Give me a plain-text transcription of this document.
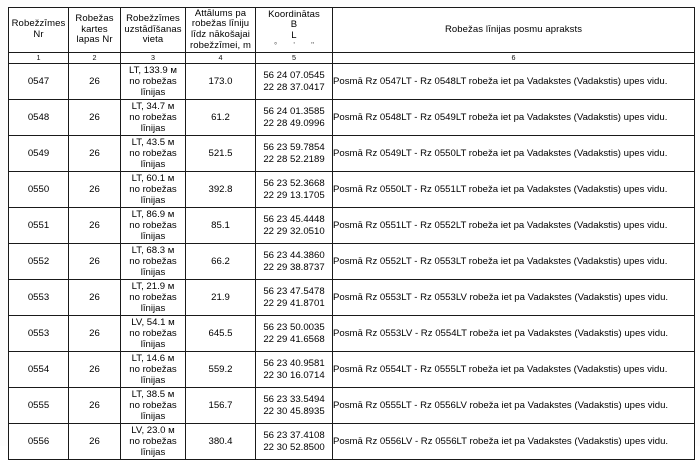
Robežzīmes
Nr	Robežas
kartes
lapas Nr	Robežzīmes
uzstādīšanas
vieta	Attālums pa
robežas līniju
līdz nākošajai
robežzīmei, m	Koordinātas
B
L
° ' "	Robežas līnijas posmu apraksts

1	2	3	4	5	6
0547	26	LT, 133.9 м
no robežas
līnijas	173.0	56 24 07.0545
22 28 37.0417	Posmā Rz 0547LT - Rz 0548LT robeža iet pa Vadakstes (Vadakstis) upes vidu.
0548	26	LT, 34.7 м
no robežas
līnijas	61.2	56 24 01.3585
22 28 49.0996	Posmā Rz 0548LT - Rz 0549LT robeža iet pa Vadakstes (Vadakstis) upes vidu.
0549	26	LT, 43.5 м
no robežas
līnijas	521.5	56 23 59.7854
22 28 52.2189	Posmā Rz 0549LT - Rz 0550LT robeža iet pa Vadakstes (Vadakstis) upes vidu.
0550	26	LT, 60.1 м
no robežas
līnijas	392.8	56 23 52.3668
22 29 13.1705	Posmā Rz 0550LT - Rz 0551LT robeža iet pa Vadakstes (Vadakstis) upes vidu.
0551	26	LT, 86.9 м
no robežas
līnijas	85.1	56 23 45.4448
22 29 32.0510	Posmā Rz 0551LT - Rz 0552LT robeža iet pa Vadakstes (Vadakstis) upes vidu.
0552	26	LT, 68.3 м
no robežas
līnijas	66.2	56 23 44.3860
22 29 38.8737	Posmā Rz 0552LT - Rz 0553LT robeža iet pa Vadakstes (Vadakstis) upes vidu.
0553	26	LT, 21.9 м
no robežas
līnijas	21.9	56 23 47.5478
22 29 41.8701	Posmā Rz 0553LT - Rz 0553LV robeža iet pa Vadakstes (Vadakstis) upes vidu.
0553	26	LV, 54.1 м
no robežas
līnijas	645.5	56 23 50.0035
22 29 41.6568	Posmā Rz 0553LV - Rz 0554LT robeža iet pa Vadakstes (Vadakstis) upes vidu.
0554	26	LT, 14.6 м
no robežas
līnijas	559.2	56 23 40.9581
22 30 16.0714	Posmā Rz 0554LT - Rz 0555LT robeža iet pa Vadakstes (Vadakstis) upes vidu.
0555	26	LT, 38.5 м
no robežas
līnijas	156.7	56 23 33.5494
22 30 45.8935	Posmā Rz 0555LT - Rz 0556LV robeža iet pa Vadakstes (Vadakstis) upes vidu.
0556	26	LV, 23.0 м
no robežas
līnijas	380.4	56 23 37.4108
22 30 52.8500	Posmā Rz 0556LV - Rz 0556LT robeža iet pa Vadakstes (Vadakstis) upes vidu.
